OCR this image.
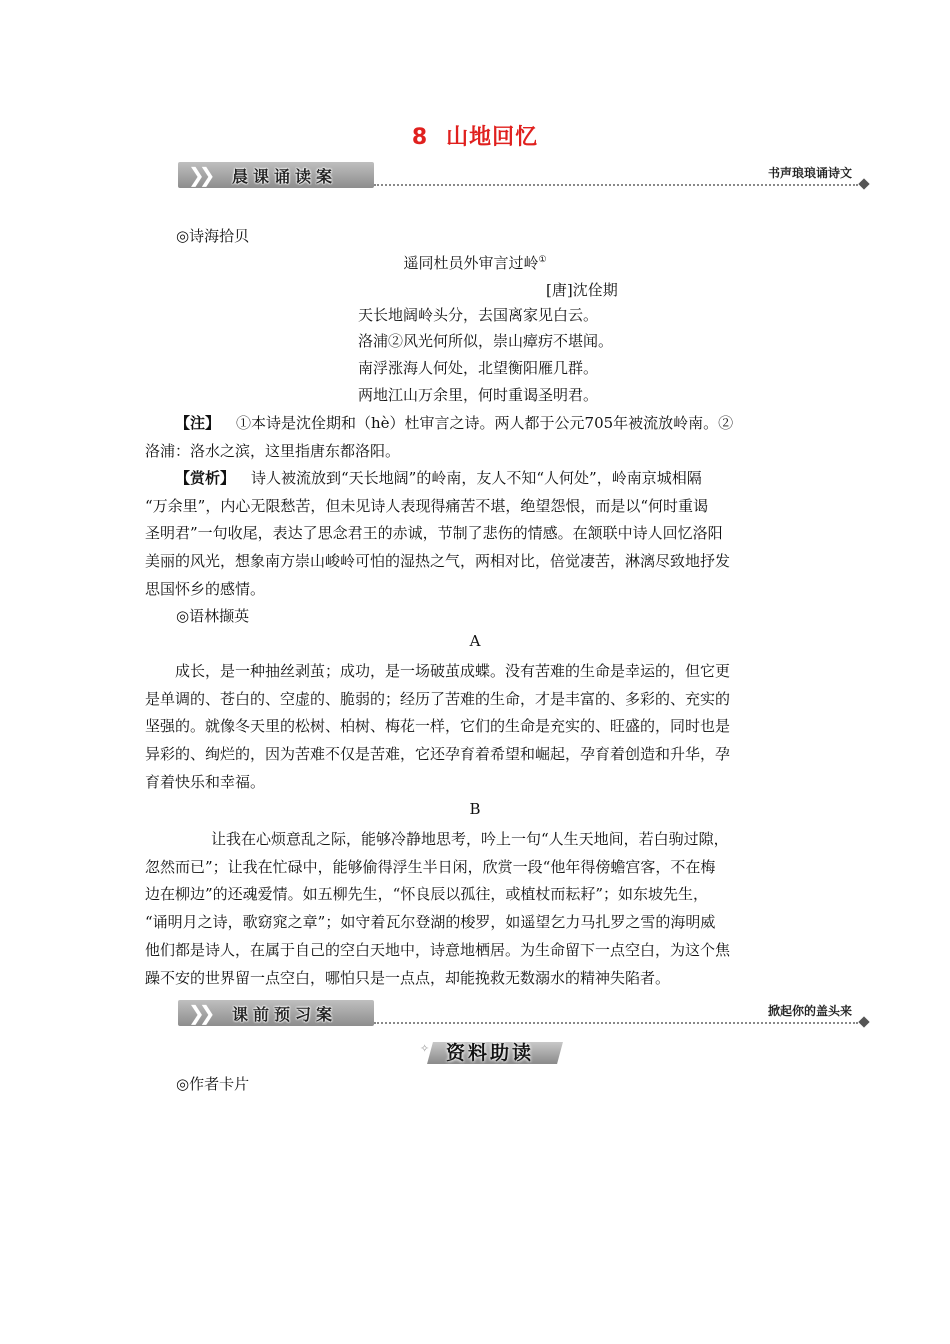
8 山地回忆
❯❯ 晨课诵读案	书声琅琅诵诗文
◎诗海拾贝
遥同杜员外审言过岭①
[唐]沈佺期
天长地阔岭头分，去国离家见白云。
洛浦②风光何所似，崇山瘴疠不堪闻。
南浮涨海人何处，北望衡阳雁几群。
两地江山万余里，何时重谒圣明君。
【注】 ①本诗是沈佺期和（hè）杜审言之诗。两人都于公元705年被流放岭南。②
洛浦：洛水之滨，这里指唐东都洛阳。
【赏析】 诗人被流放到“天长地阔”的岭南，友人不知“人何处”，岭南京城相隔
“万余里”，内心无限愁苦，但未见诗人表现得痛苦不堪，绝望怨恨，而是以“何时重谒
圣明君”一句收尾，表达了思念君王的赤诚，节制了悲伤的情感。在颔联中诗人回忆洛阳
美丽的风光，想象南方崇山峻岭可怕的湿热之气，两相对比，倍觉凄苦，淋漓尽致地抒发
思国怀乡的感情。
◎语林撷英
A
成长，是一种抽丝剥茧；成功，是一场破茧成蝶。没有苦难的生命是幸运的，但它更
是单调的、苍白的、空虚的、脆弱的；经历了苦难的生命，才是丰富的、多彩的、充实的
坚强的。就像冬天里的松树、柏树、梅花一样，它们的生命是充实的、旺盛的，同时也是
异彩的、绚烂的，因为苦难不仅是苦难，它还孕育着希望和崛起，孕育着创造和升华，孕
育着快乐和幸福。
B
让我在心烦意乱之际，能够冷静地思考，吟上一句“人生天地间，若白驹过隙，
忽然而已”；让我在忙碌中，能够偷得浮生半日闲，欣赏一段“他年得傍蟾宫客，不在梅
边在柳边”的还魂爱情。如五柳先生，“怀良辰以孤往，或植杖而耘耔”；如东坡先生，
“诵明月之诗，歌窈窕之章”；如守着瓦尔登湖的梭罗，如遥望乞力马扎罗之雪的海明威
他们都是诗人，在属于自己的空白天地中，诗意地栖居。为生命留下一点空白，为这个焦
躁不安的世界留一点空白，哪怕只是一点点，却能挽救无数溺水的精神失陷者。
❯❯ 课前预习案	掀起你的盖头来
✧ 资料助读
◎作者卡片
